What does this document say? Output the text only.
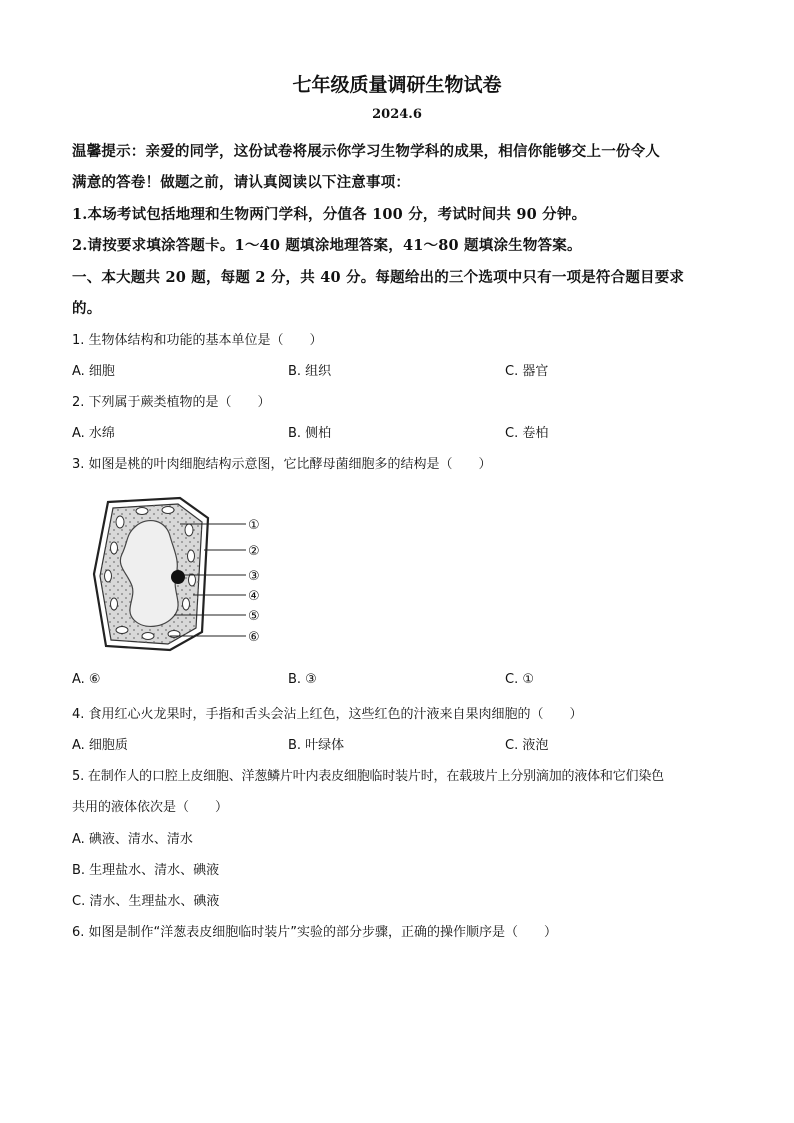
七年级质量调研生物试卷
2024.6
温馨提示：亲爱的同学，这份试卷将展示你学习生物学科的成果，相信你能够交上一份令人
满意的答卷！做题之前，请认真阅读以下注意事项：
1.本场考试包括地理和生物两门学科，分值各 100 分，考试时间共 90 分钟。
2.请按要求填涂答题卡。1～40 题填涂地理答案，41～80 题填涂生物答案。
一、本大题共 20 题，每题 2 分，共 40 分。每题给出的三个选项中只有一项是符合题目要求
的。
1. 生物体结构和功能的基本单位是（　　）
A. 细胞	B. 组织	C. 器官
2. 下列属于蕨类植物的是（　　）
A. 水绵	B. 侧柏	C. 卷柏
3. 如图是桃的叶肉细胞结构示意图，它比酵母菌细胞多的结构是（　　）
①
②
③
④
⑤
⑥
A. ⑥	B. ③	C. ①
4. 食用红心火龙果时，手指和舌头会沾上红色，这些红色的汁液来自果肉细胞的（　　）
A. 细胞质	B. 叶绿体	C. 液泡
5. 在制作人的口腔上皮细胞、洋葱鳞片叶内表皮细胞临时装片时，在载玻片上分别滴加的液体和它们染色
共用的液体依次是（　　）
A. 碘液、清水、清水
B. 生理盐水、清水、碘液
C. 清水、生理盐水、碘液
6. 如图是制作“洋葱表皮细胞临时装片”实验的部分步骤，正确的操作顺序是（　　）
